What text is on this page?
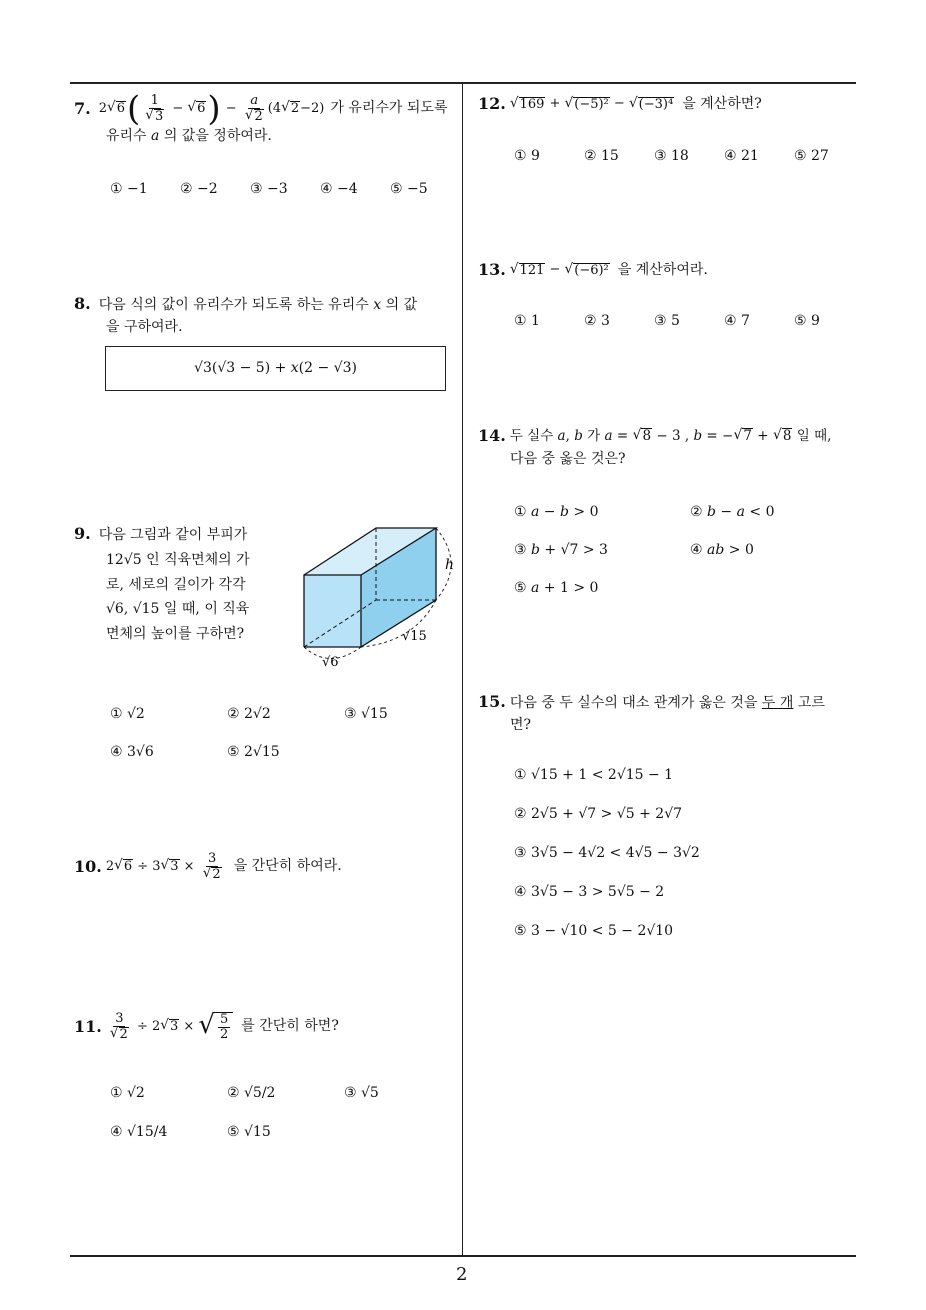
7. 2 √ 6 ( $\frac{1}{√ 3}$ − √ 6 ) − $\frac{a}{√ 2} (4$ √ 2 −2) 가 유리수가 되도록
유리수 𝑎 의 값을 정하여라.
① −1 ② −2 ③ −3 ④ −4 ⑤ −5
8. 다음 식의 값이 유리수가 되도록 하는 유리수 𝑥 의 값
을 구하여라.
√3(√3 − 5) + 𝑥(2 − √3)
9. 다음 그림과 같이 부피가
12√5 인 직육면체의 가
로, 세로의 길이가 각각
√6, √15 일 때, 이 직육
면체의 높이를 구하면?
h
√15
√6
① √2	② 2√2	③ √15
④ 3√6	⑤ 2√15
10. 2 √ 6 ÷ 3 √ $3 \times \frac{3}{√ 2}$ 을 간단히 하여라.
11. $\frac{3}{√ 2} \div 2$ √ 3 × √ $\frac{5}{2}$ 를 간단히 하면?
① √2	② √5/2	③ √5
④ √15/4	⑤ √15
12. √ 169 + √ (−5)² − √ (−3)⁴ 을 계산하면?
① 9	② 15	③ 18	④ 21	⑤ 27
13. √ 121 − √ (−6)² 을 계산하여라.
① 1	② 3	③ 5	④ 7	⑤ 9
14. 두 실수 a , b 가 a = √ 8 − 3 , b = − √ 7 + √ 8 일 때,
다음 중 옳은 것은?
① 𝑎 − 𝑏 > 0	② 𝑏 − 𝑎 < 0
③ 𝑏 + √7 > 3	④ 𝑎𝑏 > 0
⑤ 𝑎 + 1 > 0
15. 다음 중 두 실수의 대소 관계가 옳은 것을 두 개 고르
면?
① √15 + 1 < 2√15 − 1
② 2√5 + √7 > √5 + 2√7
③ 3√5 − 4√2 < 4√5 − 3√2
④ 3√5 − 3 > 5√5 − 2
⑤ 3 − √10 < 5 − 2√10
2
